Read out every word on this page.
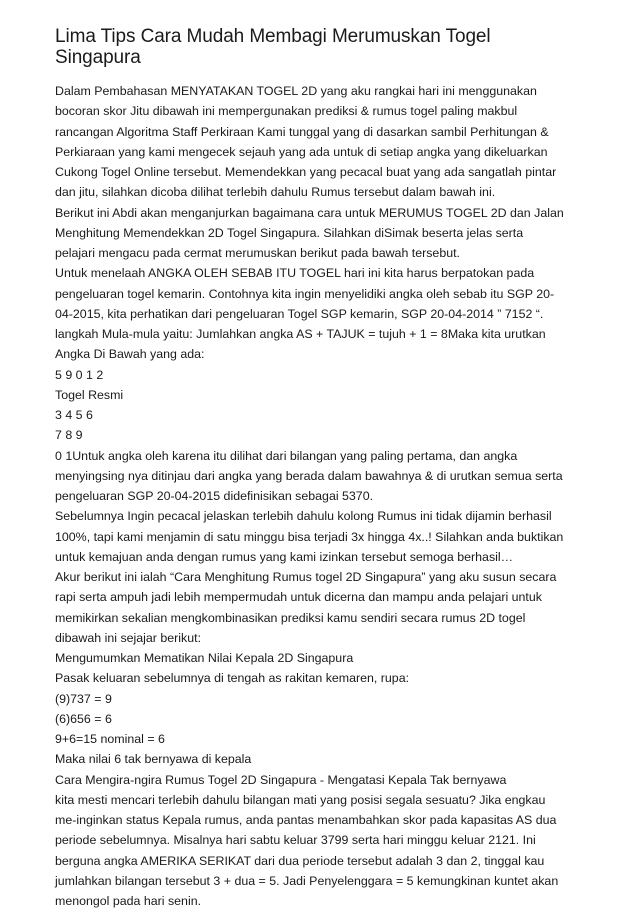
Lima Tips Cara Mudah Membagi Merumuskan Togel
Singapura
Dalam Pembahasan MENYATAKAN TOGEL 2D yang aku rangkai hari ini menggunakan
bocoran skor Jitu dibawah ini mempergunakan prediksi & rumus togel paling makbul
rancangan Algoritma Staff Perkiraan Kami tunggal yang di dasarkan sambil Perhitungan &
Perkiaraan yang kami mengecek sejauh yang ada untuk di setiap angka yang dikeluarkan
Cukong Togel Online tersebut. Memendekkan yang pecacal buat yang ada sangatlah pintar
dan jitu, silahkan dicoba dilihat terlebih dahulu Rumus tersebut dalam bawah ini.
Berikut ini Abdi akan menganjurkan bagaimana cara untuk MERUMUS TOGEL 2D dan Jalan
Menghitung Memendekkan 2D Togel Singapura. Silahkan diSimak beserta jelas serta
pelajari mengacu pada cermat merumuskan berikut pada bawah tersebut.
Untuk menelaah ANGKA OLEH SEBAB ITU TOGEL hari ini kita harus berpatokan pada
pengeluaran togel kemarin. Contohnya kita ingin menyelidiki angka oleh sebab itu SGP 20-
04-2015, kita perhatikan dari pengeluaran Togel SGP kemarin, SGP 20-04-2014 ” 7152 “.
langkah Mula-mula yaitu: Jumlahkan angka AS + TAJUK = tujuh + 1 = 8Maka kita urutkan
Angka Di Bawah yang ada:
5 9 0 1 2
Togel Resmi
3 4 5 6
7 8 9
0 1Untuk angka oleh karena itu dilihat dari bilangan yang paling pertama, dan angka
menyingsing nya ditinjau dari angka yang berada dalam bawahnya & di urutkan semua serta
pengeluaran SGP 20-04-2015 didefinisikan sebagai 5370.
Sebelumnya Ingin pecacal jelaskan terlebih dahulu kolong Rumus ini tidak dijamin berhasil
100%, tapi kami menjamin di satu minggu bisa terjadi 3x hingga 4x..! Silahkan anda buktikan
untuk kemajuan anda dengan rumus yang kami izinkan tersebut semoga berhasil…
Akur berikut ini ialah “Cara Menghitung Rumus togel 2D Singapura” yang aku susun secara
rapi serta ampuh jadi lebih mempermudah untuk dicerna dan mampu anda pelajari untuk
memikirkan sekalian mengkombinasikan prediksi kamu sendiri secara rumus 2D togel
dibawah ini sejajar berikut:
Mengumumkan Mematikan Nilai Kepala 2D Singapura
Pasak keluaran sebelumnya di tengah as rakitan kemaren, rupa:
(9)737 = 9
(6)656 = 6
9+6=15 nominal = 6
Maka nilai 6 tak bernyawa di kepala
Cara Mengira-ngira Rumus Togel 2D Singapura - Mengatasi Kepala Tak bernyawa
kita mesti mencari terlebih dahulu bilangan mati yang posisi segala sesuatu? Jika engkau
me-inginkan status Kepala rumus, anda pantas menambahkan skor pada kapasitas AS dua
periode sebelumnya. Misalnya hari sabtu keluar 3799 serta hari minggu keluar 2121. Ini
berguna angka AMERIKA SERIKAT dari dua periode tersebut adalah 3 dan 2, tinggal kau
jumlahkan bilangan tersebut 3 + dua = 5. Jadi Penyelenggara = 5 kemungkinan kuntet akan
menongol pada hari senin.
